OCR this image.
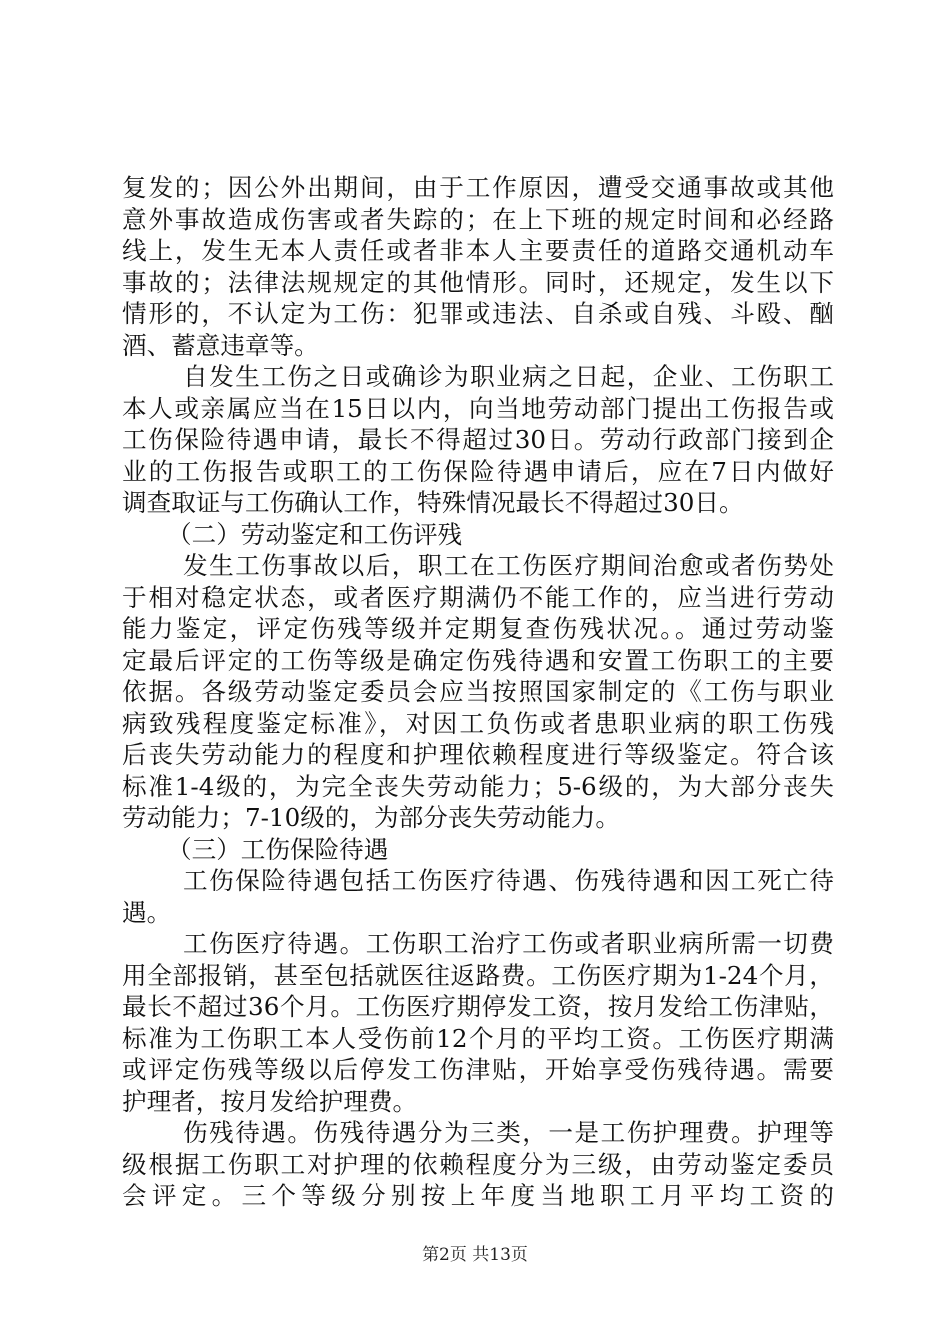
复发的；因公外出期间，由于工作原因，遭受交通事故或其他
意外事故造成伤害或者失踪的；在上下班的规定时间和必经路
线上，发生无本人责任或者非本人主要责任的道路交通机动车
事故的；法律法规规定的其他情形。同时，还规定，发生以下
情形的，不认定为工伤：犯罪或违法、自杀或自残、斗殴、酗
酒、蓄意违章等。
自发生工伤之日或确诊为职业病之日起，企业、工伤职工
本人或亲属应当在15日以内，向当地劳动部门提出工伤报告或
工伤保险待遇申请，最长不得超过30日。劳动行政部门接到企
业的工伤报告或职工的工伤保险待遇申请后，应在7日内做好
调查取证与工伤确认工作，特殊情况最长不得超过30日。
（二）劳动鉴定和工伤评残
发生工伤事故以后，职工在工伤医疗期间治愈或者伤势处
于相对稳定状态，或者医疗期满仍不能工作的，应当进行劳动
能力鉴定，评定伤残等级并定期复查伤残状况。。通过劳动鉴
定最后评定的工伤等级是确定伤残待遇和安置工伤职工的主要
依据。各级劳动鉴定委员会应当按照国家制定的《工伤与职业
病致残程度鉴定标准》，对因工负伤或者患职业病的职工伤残
后丧失劳动能力的程度和护理依赖程度进行等级鉴定。符合该
标准1-4级的，为完全丧失劳动能力；5-6级的，为大部分丧失
劳动能力；7-10级的，为部分丧失劳动能力。
（三）工伤保险待遇
工伤保险待遇包括工伤医疗待遇、伤残待遇和因工死亡待
遇。
工伤医疗待遇。工伤职工治疗工伤或者职业病所需一切费
用全部报销，甚至包括就医往返路费。工伤医疗期为1-24个月，
最长不超过36个月。工伤医疗期停发工资，按月发给工伤津贴，
标准为工伤职工本人受伤前12个月的平均工资。工伤医疗期满
或评定伤残等级以后停发工伤津贴，开始享受伤残待遇。需要
护理者，按月发给护理费。
伤残待遇。伤残待遇分为三类，一是工伤护理费。护理等
级根据工伤职工对护理的依赖程度分为三级，由劳动鉴定委员
会评定。三个等级分别按上年度当地职工月平均工资的
第2页 共13页
